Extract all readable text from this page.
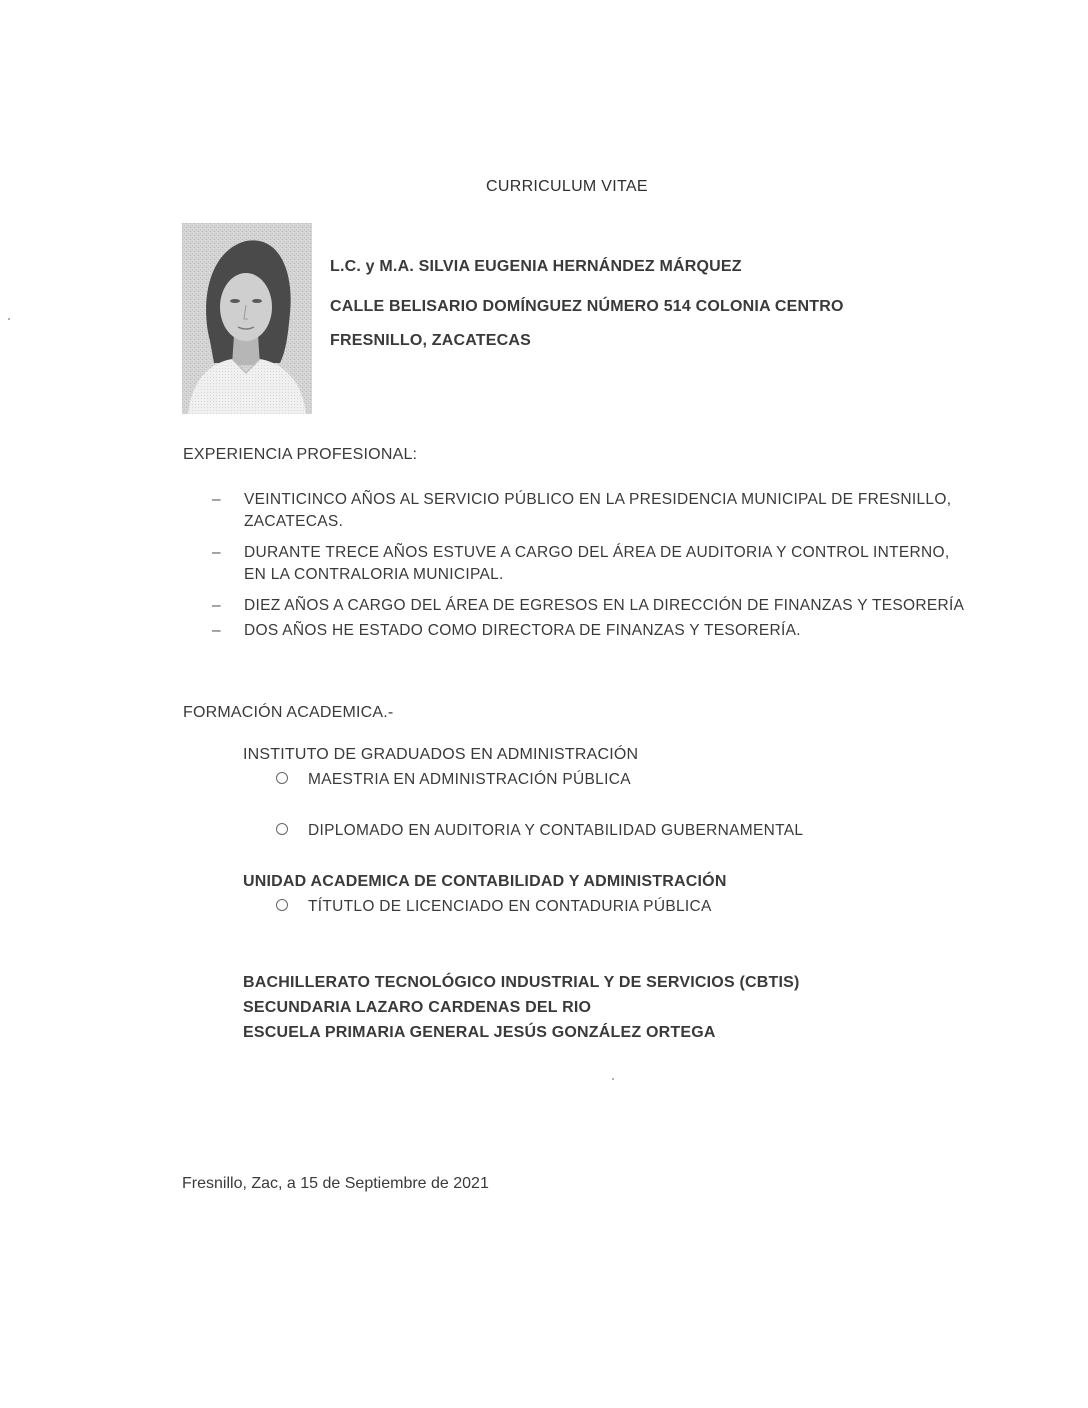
CURRICULUM VITAE
L.C. y M.A. SILVIA EUGENIA HERNÁNDEZ MÁRQUEZ
CALLE BELISARIO DOMÍNGUEZ NÚMERO 514 COLONIA CENTRO
FRESNILLO, ZACATECAS
EXPERIENCIA PROFESIONAL:
–	VEINTICINCO AÑOS AL SERVICIO PÚBLICO EN LA PRESIDENCIA MUNICIPAL DE FRESNILLO, ZACATECAS.
–	DURANTE TRECE AÑOS ESTUVE A CARGO DEL ÁREA DE AUDITORIA Y CONTROL INTERNO, EN LA CONTRALORIA MUNICIPAL.
–	DIEZ AÑOS A CARGO DEL ÁREA DE EGRESOS EN LA DIRECCIÓN DE FINANZAS Y TESORERÍA
–	DOS AÑOS HE ESTADO COMO DIRECTORA DE FINANZAS Y TESORERÍA.
FORMACIÓN ACADEMICA.-
INSTITUTO DE GRADUADOS EN ADMINISTRACIÓN
MAESTRIA EN ADMINISTRACIÓN PÚBLICA
DIPLOMADO EN AUDITORIA Y CONTABILIDAD GUBERNAMENTAL
UNIDAD ACADEMICA DE CONTABILIDAD Y ADMINISTRACIÓN
TÍTUTLO DE LICENCIADO EN CONTADURIA PÚBLICA
BACHILLERATO TECNOLÓGICO INDUSTRIAL Y DE SERVICIOS (CBTIS)
SECUNDARIA LAZARO CARDENAS DEL RIO
ESCUELA PRIMARIA GENERAL JESÚS GONZÁLEZ ORTEGA
Fresnillo, Zac, a 15 de Septiembre de 2021
